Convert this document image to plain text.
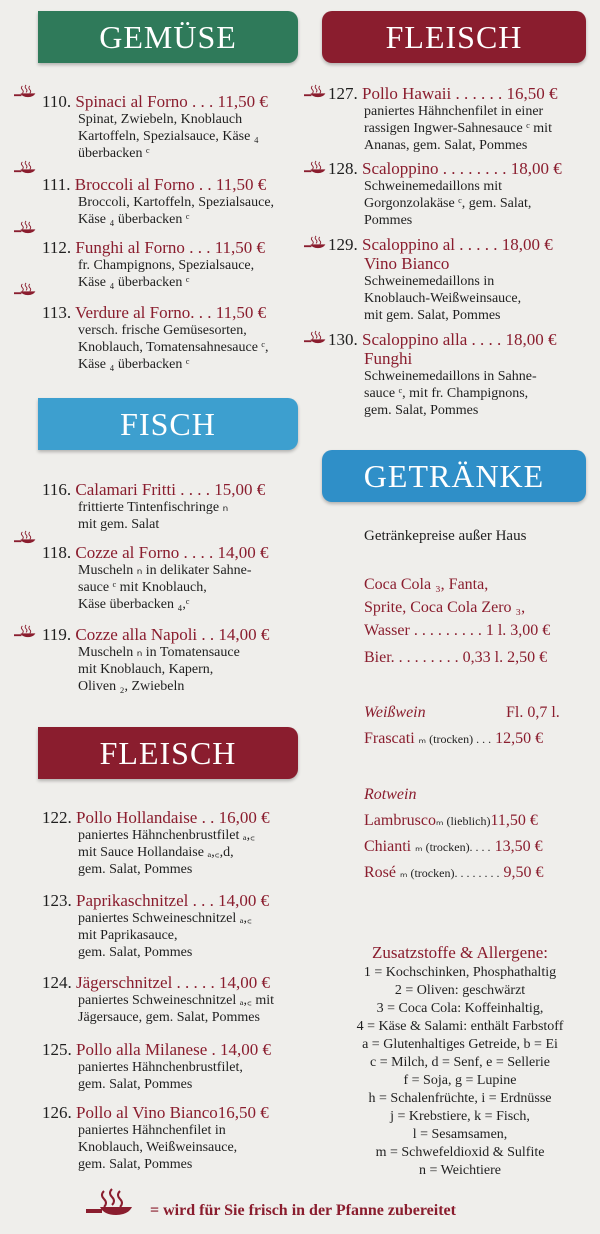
GEMÜSE	FLEISCH
FISCH
GETRÄNKE
FLEISCH
110. Spinaci al Forno . . . 11,50 €
Spinat, Zwiebeln, Knoblauch
Kartoffeln, Spezialsauce, Käse ₄
überbacken ᶜ
111. Broccoli al Forno . . 11,50 €
Broccoli, Kartoffeln, Spezialsauce,
Käse ₄ überbacken ᶜ
112. Funghi al Forno . . . 11,50 €
fr. Champignons, Spezialsauce,
Käse ₄ überbacken ᶜ
113. Verdure al Forno. . . 11,50 €
versch. frische Gemüsesorten,
Knoblauch, Tomatensahnesauce ᶜ,
Käse ₄ überbacken ᶜ
116. Calamari Fritti . . . . 15,00 €
frittierte Tintenfischringe ₙ
mit gem. Salat
118. Cozze al Forno . . . . 14,00 €
Muscheln ₙ in delikater Sahne-
sauce ᶜ mit Knoblauch,
Käse überbacken ₄,ᶜ
119. Cozze alla Napoli . . 14,00 €
Muscheln ₙ in Tomatensauce
mit Knoblauch, Kapern,
Oliven ₂, Zwiebeln
122. Pollo Hollandaise . . 16,00 €
paniertes Hähnchenbrustfilet ₐ,꜀
mit Sauce Hollandaise ₐ,꜀,d,
gem. Salat, Pommes
123. Paprikaschnitzel . . . 14,00 €
paniertes Schweineschnitzel ₐ,꜀
mit Paprikasauce,
gem. Salat, Pommes
124. Jägerschnitzel . . . . . 14,00 €
paniertes Schweineschnitzel ₐ,꜀ mit
Jägersauce, gem. Salat, Pommes
125. Pollo alla Milanese . 14,00 €
paniertes Hähnchenbrustfilet,
gem. Salat, Pommes
126. Pollo al Vino Bianco16,50 €
paniertes Hähnchenfilet in
Knoblauch, Weißweinsauce,
gem. Salat, Pommes
127. Pollo Hawaii . . . . . . 16,50 €
paniertes Hähnchenfilet in einer
rassigen Ingwer-Sahnesauce ᶜ mit
Ananas, gem. Salat, Pommes
128. Scaloppino . . . . . . . . 18,00 €
Schweinemedaillons mit
Gorgonzolakäse ᶜ, gem. Salat,
Pommes
129. Scaloppino al . . . . . 18,00 €
Vino Bianco
Schweinemedaillons in
Knoblauch-Weißweinsauce,
mit gem. Salat, Pommes
130. Scaloppino alla . . . . 18,00 €
Funghi
Schweinemedaillons in Sahne-
sauce ᶜ, mit fr. Champignons,
gem. Salat, Pommes
Getränkepreise außer Haus
Coca Cola ₃, Fanta,
Sprite, Coca Cola Zero ₃,
Wasser . . . . . . . . . 1 l. 3,00 €
Bier. . . . . . . . . 0,33 l. 2,50 €
Weißwein	Fl. 0,7 l.
Frascati ₘ (trocken) . . . 12,50 €
Rotwein
Lambruscoₘ (lieblich)11,50 €
Chianti ₘ (trocken). . . . 13,50 €
Rosé ₘ (trocken). . . . . . . . 9,50 €
Zusatzstoffe & Allergene:
1 = Kochschinken, Phosphathaltig
2 = Oliven: geschwärzt
3 = Coca Cola: Koffeinhaltig,
4 = Käse & Salami: enthält Farbstoff
a = Glutenhaltiges Getreide, b = Ei
c = Milch, d = Senf, e = Sellerie
f = Soja, g = Lupine
h = Schalenfrüchte, i = Erdnüsse
j = Krebstiere, k = Fisch,
l = Sesamsamen,
m = Schwefeldioxid & Sulfite
n = Weichtiere
= wird für Sie frisch in der Pfanne zubereitet
